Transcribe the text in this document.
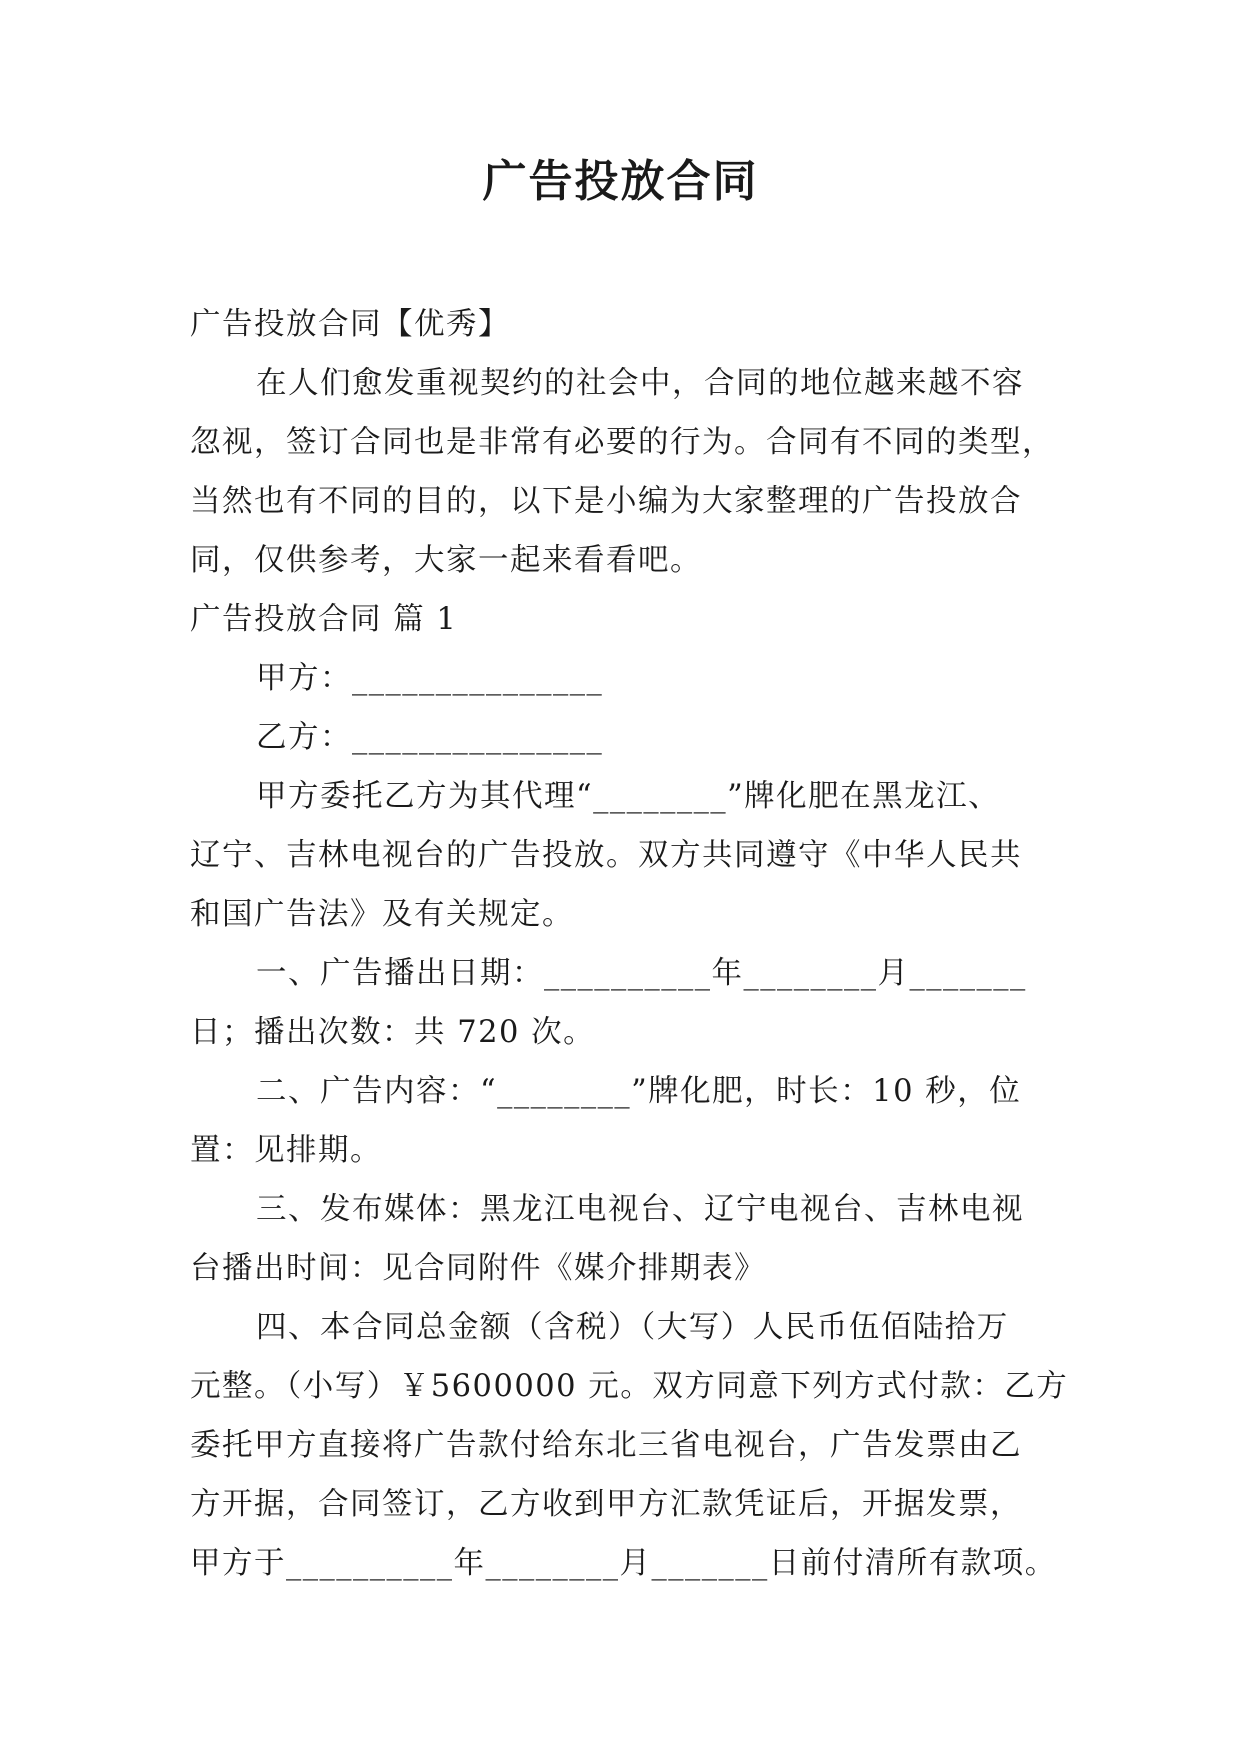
广告投放合同
广告投放合同【优秀】
在人们愈发重视契约的社会中，合同的地位越来越不容
忽视，签订合同也是非常有必要的行为。合同有不同的类型，
当然也有不同的目的，以下是小编为大家整理的广告投放合
同，仅供参考，大家一起来看看吧。
广告投放合同 篇 1
甲方：_______________
乙方：_______________
甲方委托乙方为其代理“________”牌化肥在黑龙江、
辽宁、吉林电视台的广告投放。双方共同遵守《中华人民共
和国广告法》及有关规定。
一、广告播出日期：__________年________月_______
日；播出次数：共 720 次。
二、广告内容：“________”牌化肥，时长：10 秒，位
置：见排期。
三、发布媒体：黑龙江电视台、辽宁电视台、吉林电视
台播出时间：见合同附件《媒介排期表》
四、本合同总金额（含税）（大写）人民币伍佰陆拾万
元整。（小写）￥5600000 元。双方同意下列方式付款：乙方
委托甲方直接将广告款付给东北三省电视台，广告发票由乙
方开据，合同签订，乙方收到甲方汇款凭证后，开据发票，
甲方于__________年________月_______日前付清所有款项。
